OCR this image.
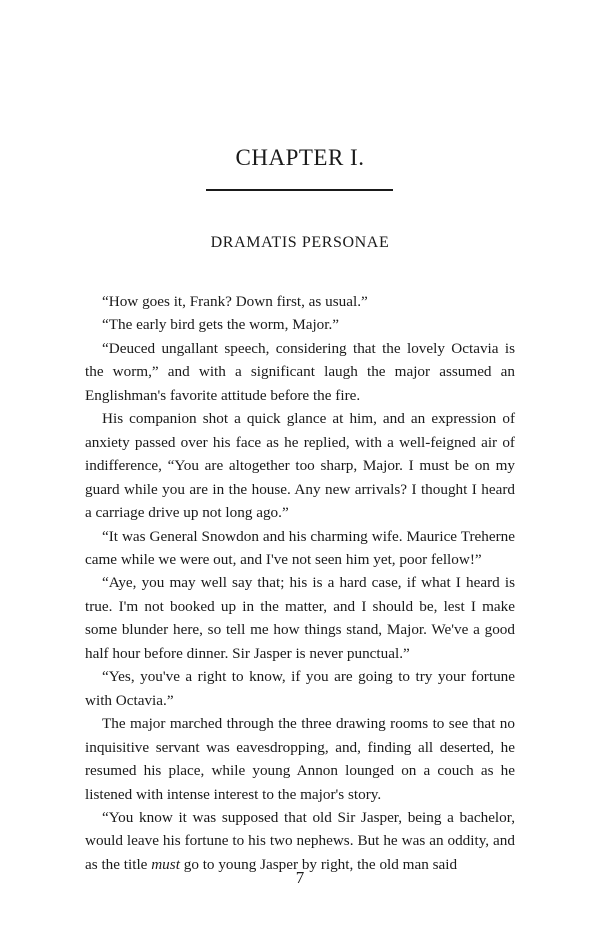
CHAPTER I.
DRAMATIS PERSONAE

“How goes it, Frank? Down first, as usual.”

“The early bird gets the worm, Major.”

“Deuced ungallant speech, considering that the lovely Octavia is the worm,” and with a significant laugh the major assumed an Englishman's favorite attitude before the fire.

His companion shot a quick glance at him, and an expression of anxiety passed over his face as he replied, with a well-feigned air of indifference, “You are altogether too sharp, Major. I must be on my guard while you are in the house. Any new arrivals? I thought I heard a carriage drive up not long ago.”

“It was General Snowdon and his charming wife. Maurice Treherne came while we were out, and I've not seen him yet, poor fellow!”

“Aye, you may well say that; his is a hard case, if what I heard is true. I'm not booked up in the matter, and I should be, lest I make some blunder here, so tell me how things stand, Major. We've a good half hour before dinner. Sir Jasper is never punctual.”

“Yes, you've a right to know, if you are going to try your fortune with Octavia.”

The major marched through the three drawing rooms to see that no inquisitive servant was eavesdropping, and, finding all deserted, he resumed his place, while young Annon lounged on a couch as he listened with intense interest to the major's story.

“You know it was supposed that old Sir Jasper, being a bachelor, would leave his fortune to his two nephews. But he was an oddity, and as the title must go to young Jasper by right, the old man said

7
